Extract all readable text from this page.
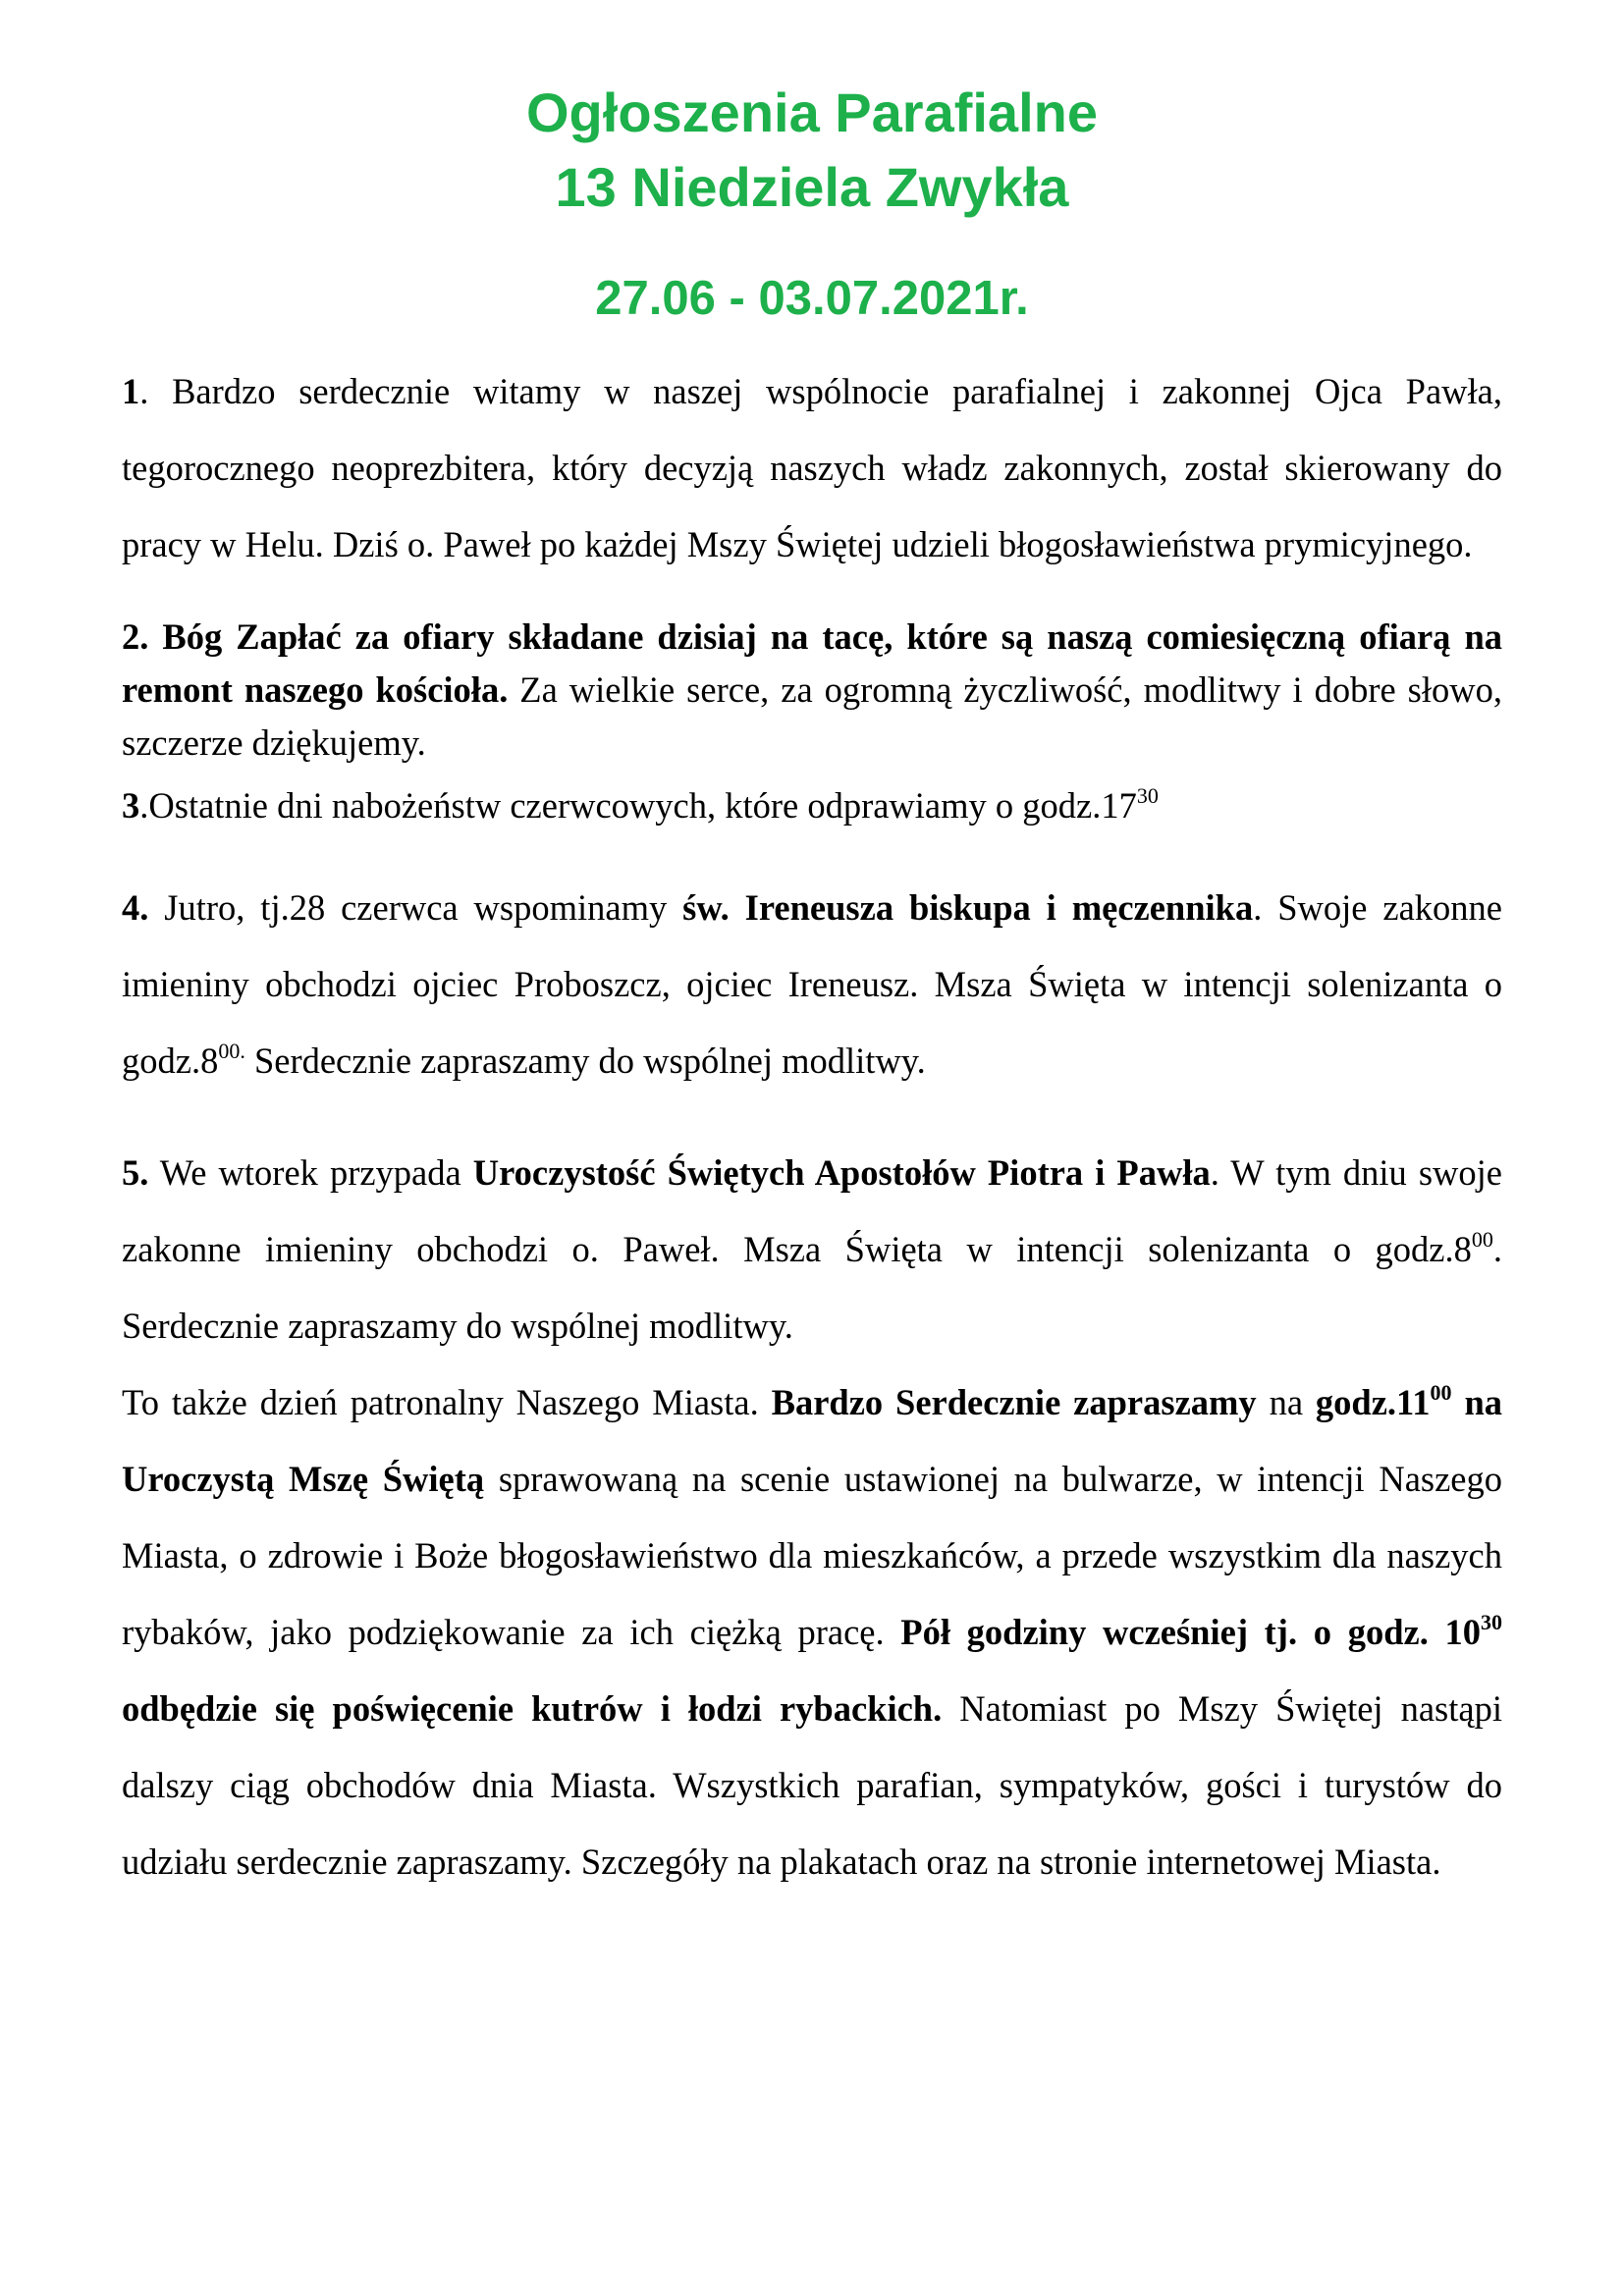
Ogłoszenia Parafialne
13 Niedziela Zwykła
27.06 - 03.07.2021r.

1. Bardzo serdecznie witamy w naszej wspólnocie parafialnej i zakonnej Ojca Pawła, tegorocznego neoprezbitera, który decyzją naszych władz zakonnych, został skierowany do pracy w Helu. Dziś o. Paweł po każdej Mszy Świętej udzieli błogosławieństwa prymicyjnego.

2. Bóg Zapłać za ofiary składane dzisiaj na tacę, które są naszą comiesięczną ofiarą na remont naszego kościoła. Za wielkie serce, za ogromną życzliwość, modlitwy i dobre słowo, szczerze dziękujemy.

3.Ostatnie dni nabożeństw czerwcowych, które odprawiamy o $godz.17^{30}$

4. Jutro, tj.28 czerwca wspominamy św. Ireneusza biskupa i męczennika. Swoje zakonne imieniny obchodzi ojciec Proboszcz, ojciec Ireneusz. Msza Święta w intencji solenizanta o $godz.8^{00.}$ Serdecznie zapraszamy do wspólnej modlitwy.

5. We wtorek przypada Uroczystość Świętych Apostołów Piotra i Pawła. W tym dniu swoje zakonne imieniny obchodzi o. Paweł. Msza Święta w intencji solenizanta o $godz.8^{00}$. Serdecznie zapraszamy do wspólnej modlitwy.

To także dzień patronalny Naszego Miasta. Bardzo Serdecznie zapraszamy na $godz.11^{00}$ na Uroczystą Mszę Świętą sprawowaną na scenie ustawionej na bulwarze, w intencji Naszego Miasta, o zdrowie i Boże błogosławieństwo dla mieszkańców, a przede wszystkim dla naszych rybaków, jako podziękowanie za ich ciężką pracę. Pół godziny wcześniej tj. o godz. $10^{30}$ odbędzie się poświęcenie kutrów i łodzi rybackich. Natomiast po Mszy Świętej nastąpi dalszy ciąg obchodów dnia Miasta. Wszystkich parafian, sympatyków, gości i turystów do udziału serdecznie zapraszamy. Szczegóły na plakatach oraz na stronie internetowej Miasta.
